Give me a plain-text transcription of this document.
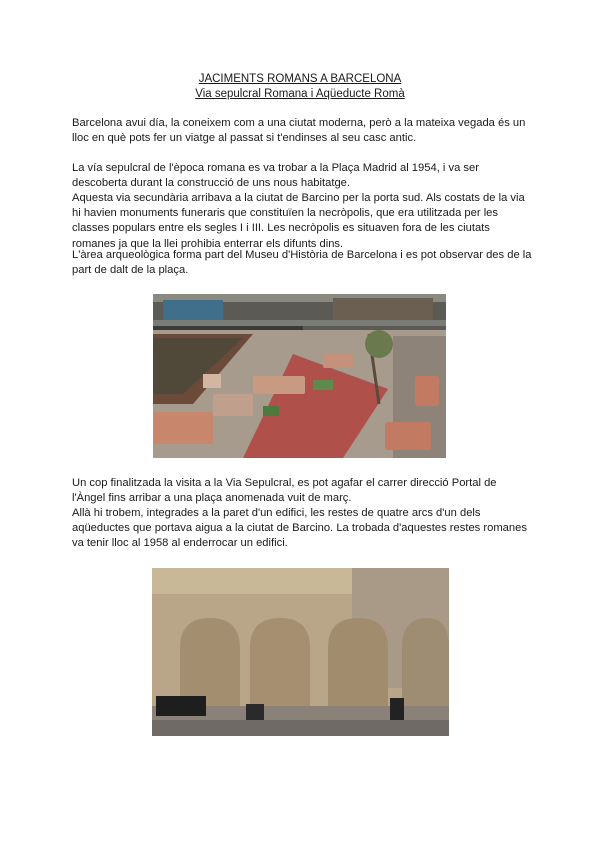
JACIMENTS ROMANS A BARCELONA
Via sepulcral Romana i Aqüeducte Romà

Barcelona avui día, la coneixem com a una ciutat moderna, però a la mateixa vegada és un lloc en què pots fer un viatge al passat si t'endinses al seu casc antic.

La vía sepulcral de l'època romana es va trobar a la Plaça Madrid al 1954, i va ser descoberta durant la construcció de uns nous habitatge.

Aquesta via secundària arribava a la ciutat de Barcino per la porta sud. Als costats de la via hi havien monuments funeraris que constituïen la necròpolis, que era utilitzada per les classes populars entre els segles I i III. Les necròpolis es situaven fora de les ciutats romanes ja que la llei prohibia enterrar els difunts dins.

L'àrea arqueològica forma part del Museu d'Història de Barcelona i es pot observar des de la part de dalt de la plaça.

Un cop finalitzada la visita a la Via Sepulcral, es pot agafar el carrer direcció Portal de l'Àngel fins arribar a una plaça anomenada vuit de març.

Allà hi trobem, integrades a la paret d'un edifici, les restes de quatre arcs d'un dels aqüeductes que portava aigua a la ciutat de Barcino. La trobada d'aquestes restes romanes va tenir lloc al 1958 al enderrocar un edifici.
